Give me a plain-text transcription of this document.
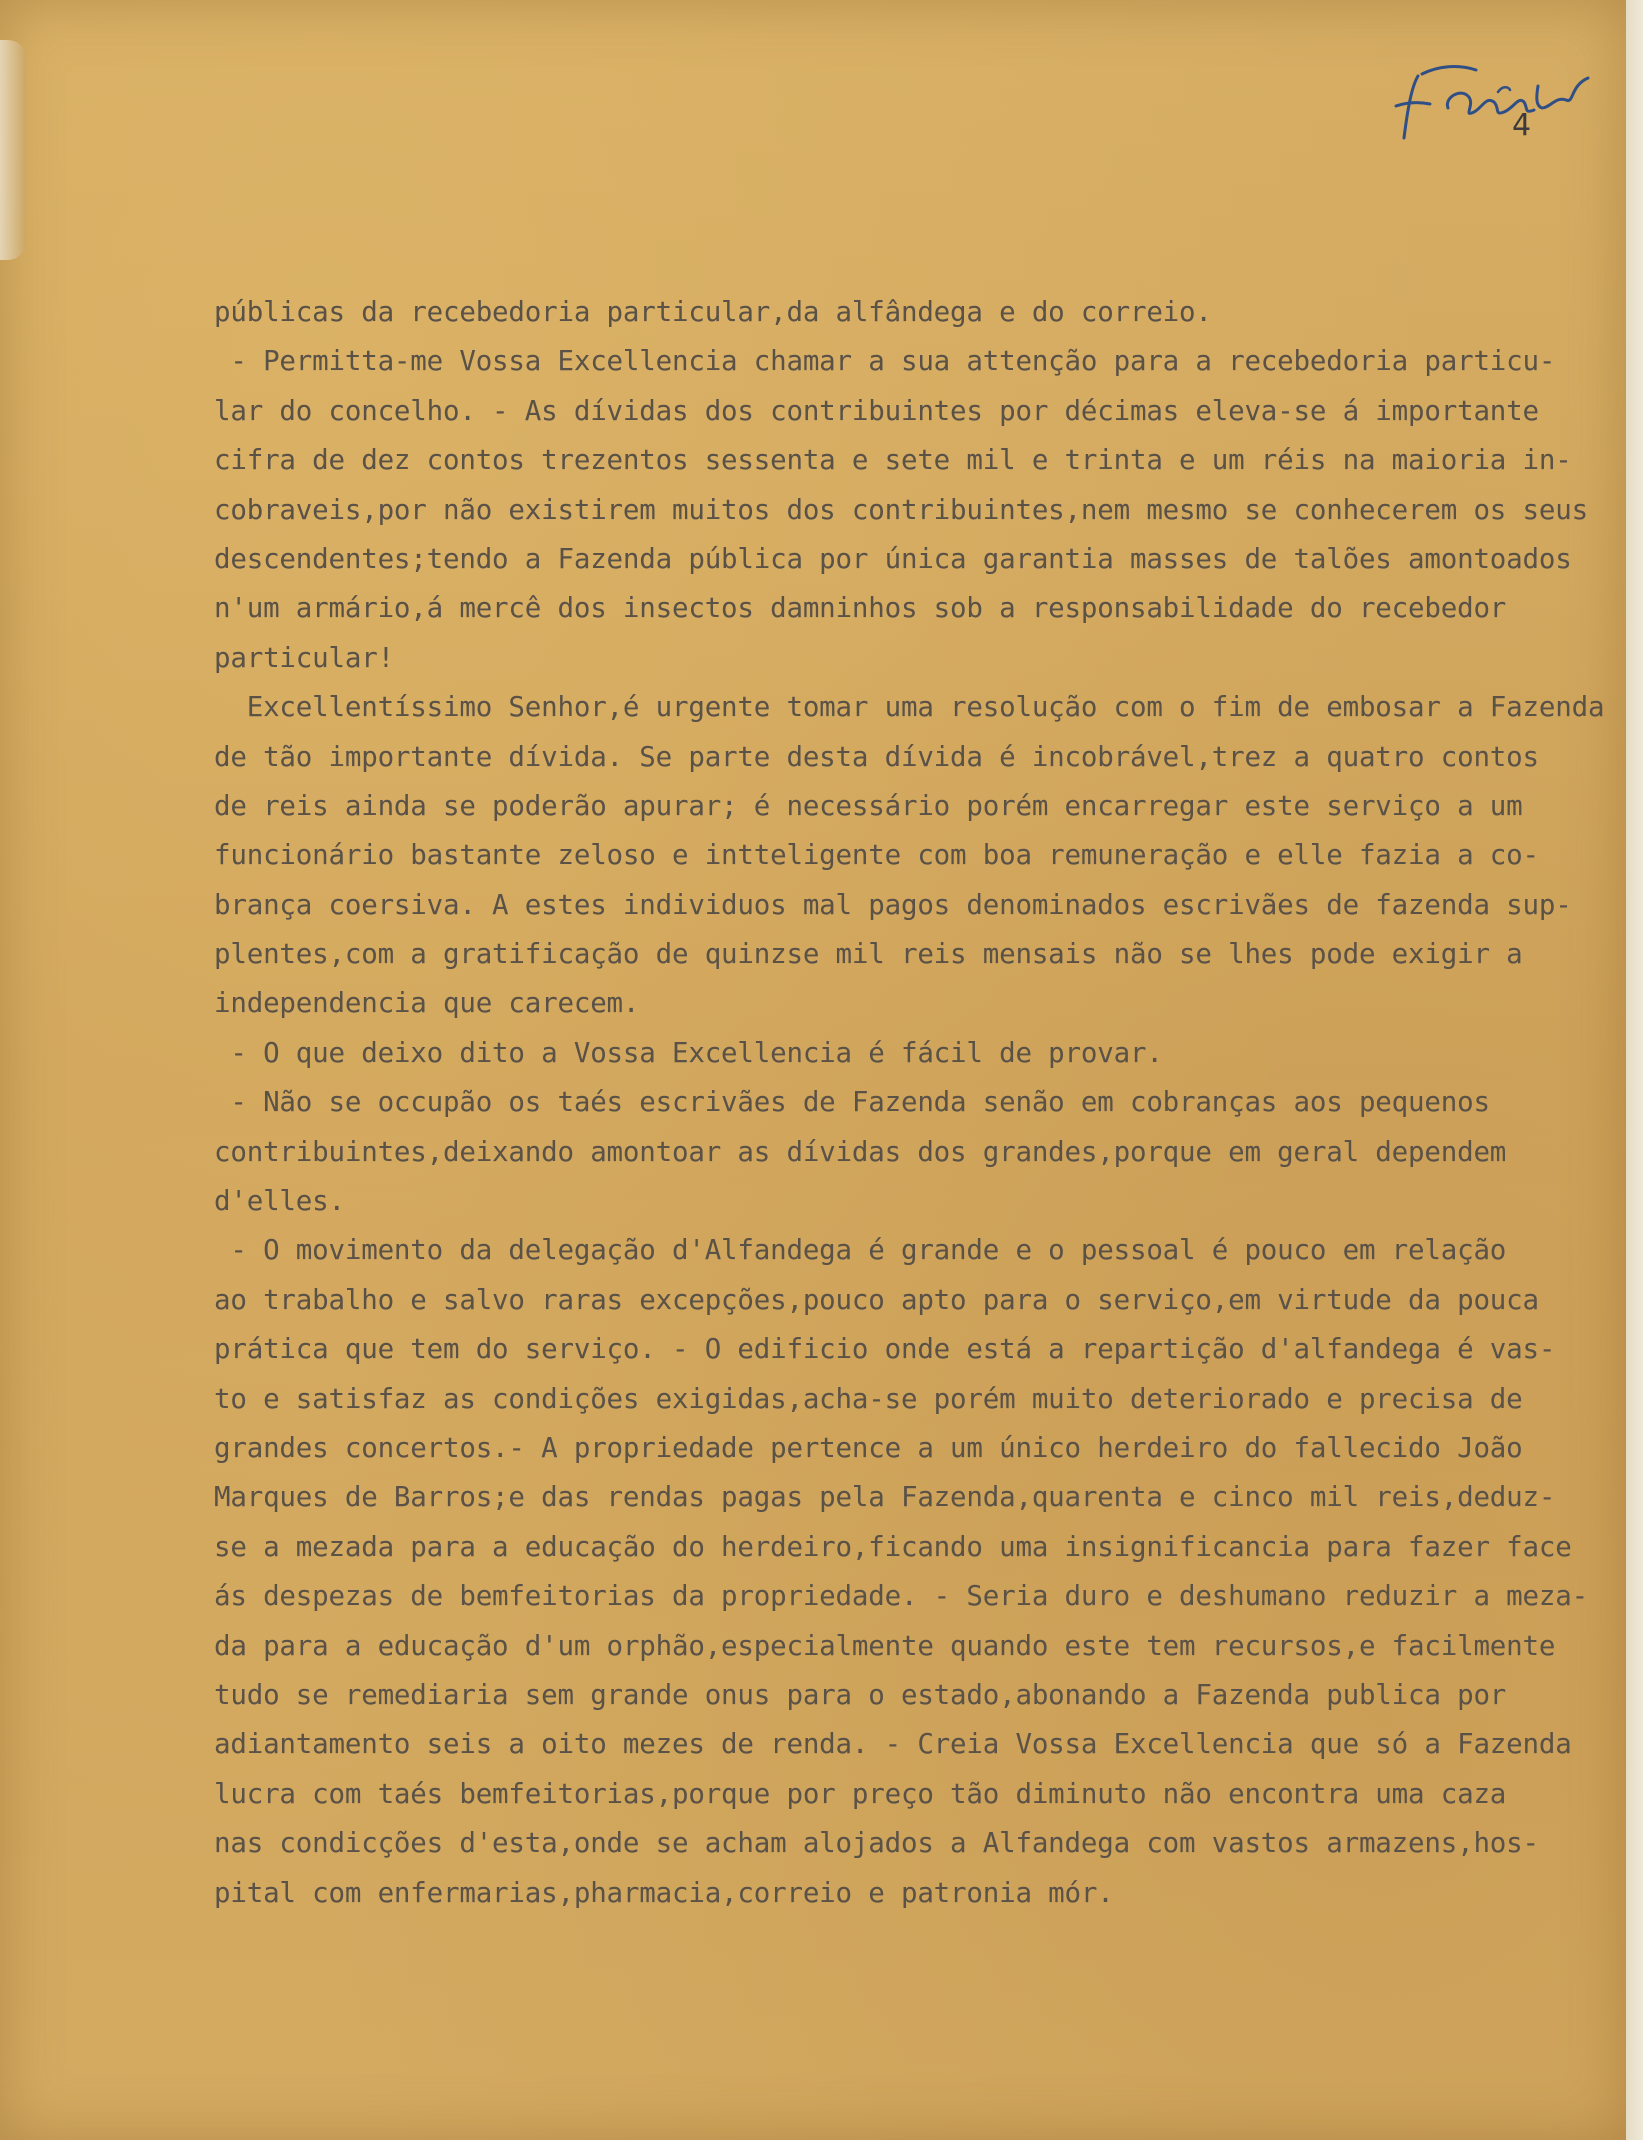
4
públicas da recebedoria particular,da alfândega e do correio.
- Permitta-me Vossa Excellencia chamar a sua attenção para a recebedoria particu-
lar do concelho. - As dívidas dos contribuintes por décimas eleva-se á importante
cifra de dez contos trezentos sessenta e sete mil e trinta e um réis na maioria in-
cobraveis,por não existirem muitos dos contribuintes,nem mesmo se conhecerem os seus
descendentes;tendo a Fazenda pública por única garantia masses de talões amontoados
n'um armário,á mercê dos insectos damninhos sob a responsabilidade do recebedor
particular!
Excellentíssimo Senhor,é urgente tomar uma resolução com o fim de embosar a Fazenda
de tão importante dívida. Se parte desta dívida é incobrável,trez a quatro contos
de reis ainda se poderão apurar; é necessário porém encarregar este serviço a um
funcionário bastante zeloso e intteligente com boa remuneração e elle fazia a co-
brança coersiva. A estes individuos mal pagos denominados escrivães de fazenda sup-
plentes,com a gratificação de quinzse mil reis mensais não se lhes pode exigir a
independencia que carecem.
- O que deixo dito a Vossa Excellencia é fácil de provar.
- Não se occupão os taés escrivães de Fazenda senão em cobranças aos pequenos
contribuintes,deixando amontoar as dívidas dos grandes,porque em geral dependem
d'elles.
- O movimento da delegação d'Alfandega é grande e o pessoal é pouco em relação
ao trabalho e salvo raras excepções,pouco apto para o serviço,em virtude da pouca
prática que tem do serviço. - O edificio onde está a repartição d'alfandega é vas-
to e satisfaz as condições exigidas,acha-se porém muito deteriorado e precisa de
grandes concertos.- A propriedade pertence a um único herdeiro do fallecido João
Marques de Barros;e das rendas pagas pela Fazenda,quarenta e cinco mil reis,deduz-
se a mezada para a educação do herdeiro,ficando uma insignificancia para fazer face
ás despezas de bemfeitorias da propriedade. - Seria duro e deshumano reduzir a meza-
da para a educação d'um orphão,especialmente quando este tem recursos,e facilmente
tudo se remediaria sem grande onus para o estado,abonando a Fazenda publica por
adiantamento seis a oito mezes de renda. - Creia Vossa Excellencia que só a Fazenda
lucra com taés bemfeitorias,porque por preço tão diminuto não encontra uma caza
nas condicções d'esta,onde se acham alojados a Alfandega com vastos armazens,hos-
pital com enfermarias,pharmacia,correio e patronia mór.
